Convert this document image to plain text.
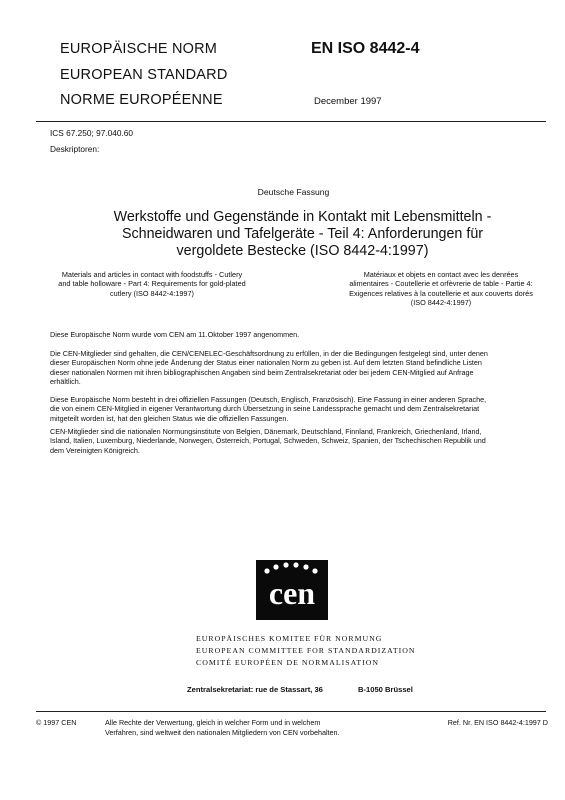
EUROPÄISCHE NORM
EUROPEAN STANDARD
NORME EUROPÉENNE
EN ISO 8442-4
December 1997
ICS 67.250; 97.040.60
Deskriptoren:
Deutsche Fassung
Werkstoffe und Gegenstände in Kontakt mit Lebensmitteln -
Schneidwaren und Tafelgeräte - Teil 4: Anforderungen für
vergoldete Bestecke (ISO 8442-4:1997)
Materials and articles in contact with foodstuffs - Cutlery
and table holloware - Part 4: Requirements for gold-plated
cutlery (ISO 8442-4:1997)
Matériaux et objets en contact avec les denrées
alimentaires - Coutellerie et orfèvrerie de table - Partie 4:
Exigences relatives à la coutellerie et aux couverts dorés
(ISO 8442-4:1997)
Diese Europäische Norm wurde vom CEN am 11.Oktober 1997 angenommen.
Die CEN-Mitglieder sind gehalten, die CEN/CENELEC-Geschäftsordnung zu erfüllen, in der die Bedingungen festgelegt sind, unter denen
dieser Europäischen Norm ohne jede Änderung der Status einer nationalen Norm zu geben ist. Auf dem letzten Stand befindliche Listen
dieser nationalen Normen mit ihren bibliographischen Angaben sind beim Zentralsekretariat oder bei jedem CEN-Mitglied auf Anfrage
erhältlich.
Diese Europäische Norm besteht in drei offiziellen Fassungen (Deutsch, Englisch, Französisch). Eine Fassung in einer anderen Sprache,
die von einem CEN-Mitglied in eigener Verantwortung durch Übersetzung in seine Landessprache gemacht und dem Zentralsekretariat
mitgeteilt worden ist, hat den gleichen Status wie die offiziellen Fassungen.
CEN-Mitglieder sind die nationalen Normungsinstitute von Belgien, Dänemark, Deutschland, Finnland, Frankreich, Griechenland, Irland,
Island, Italien, Luxemburg, Niederlande, Norwegen, Österreich, Portugal, Schweden, Schweiz, Spanien, der Tschechischen Republik und
dem Vereinigten Königreich.
cen
EUROPÄISCHES KOMITEE FÜR NORMUNG
EUROPEAN COMMITTEE FOR STANDARDIZATION
COMITÉ EUROPÉEN DE NORMALISATION
Zentralsekretariat: rue de Stassart, 36	B-1050 Brüssel
© 1997 CEN	Alle Rechte der Verwertung, gleich in welcher Form und in welchem
Verfahren, sind weltweit den nationalen Mitgliedern von CEN vorbehalten.
Ref. Nr. EN ISO 8442-4:1997 D
